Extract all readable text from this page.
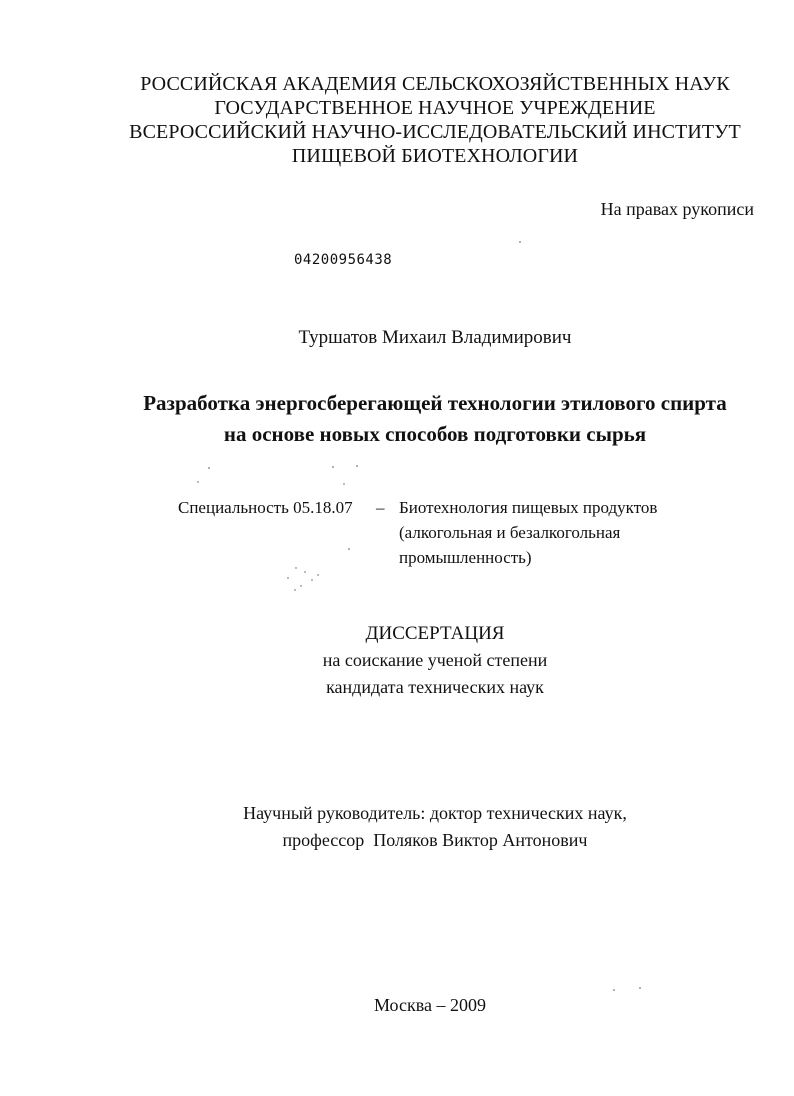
РОССИЙСКАЯ АКАДЕМИЯ СЕЛЬСКОХОЗЯЙСТВЕННЫХ НАУК
ГОСУДАРСТВЕННОЕ НАУЧНОЕ УЧРЕЖДЕНИЕ
ВСЕРОССИЙСКИЙ НАУЧНО-ИССЛЕДОВАТЕЛЬСКИЙ ИНСТИТУТ
ПИЩЕВОЙ БИОТЕХНОЛОГИИ
На правах рукописи
04200956438
Туршатов Михаил Владимирович
Разработка энергосберегающей технологии этилового спирта
на основе новых способов подготовки сырья
Специальность 05.18.07 – Биотехнология пищевых продуктов
(алкогольная и безалкогольная
промышленность)
ДИССЕРТАЦИЯ
на соискание ученой степени
кандидата технических наук
Научный руководитель: доктор технических наук,
профессор  Поляков Виктор Антонович
Москва – 2009
